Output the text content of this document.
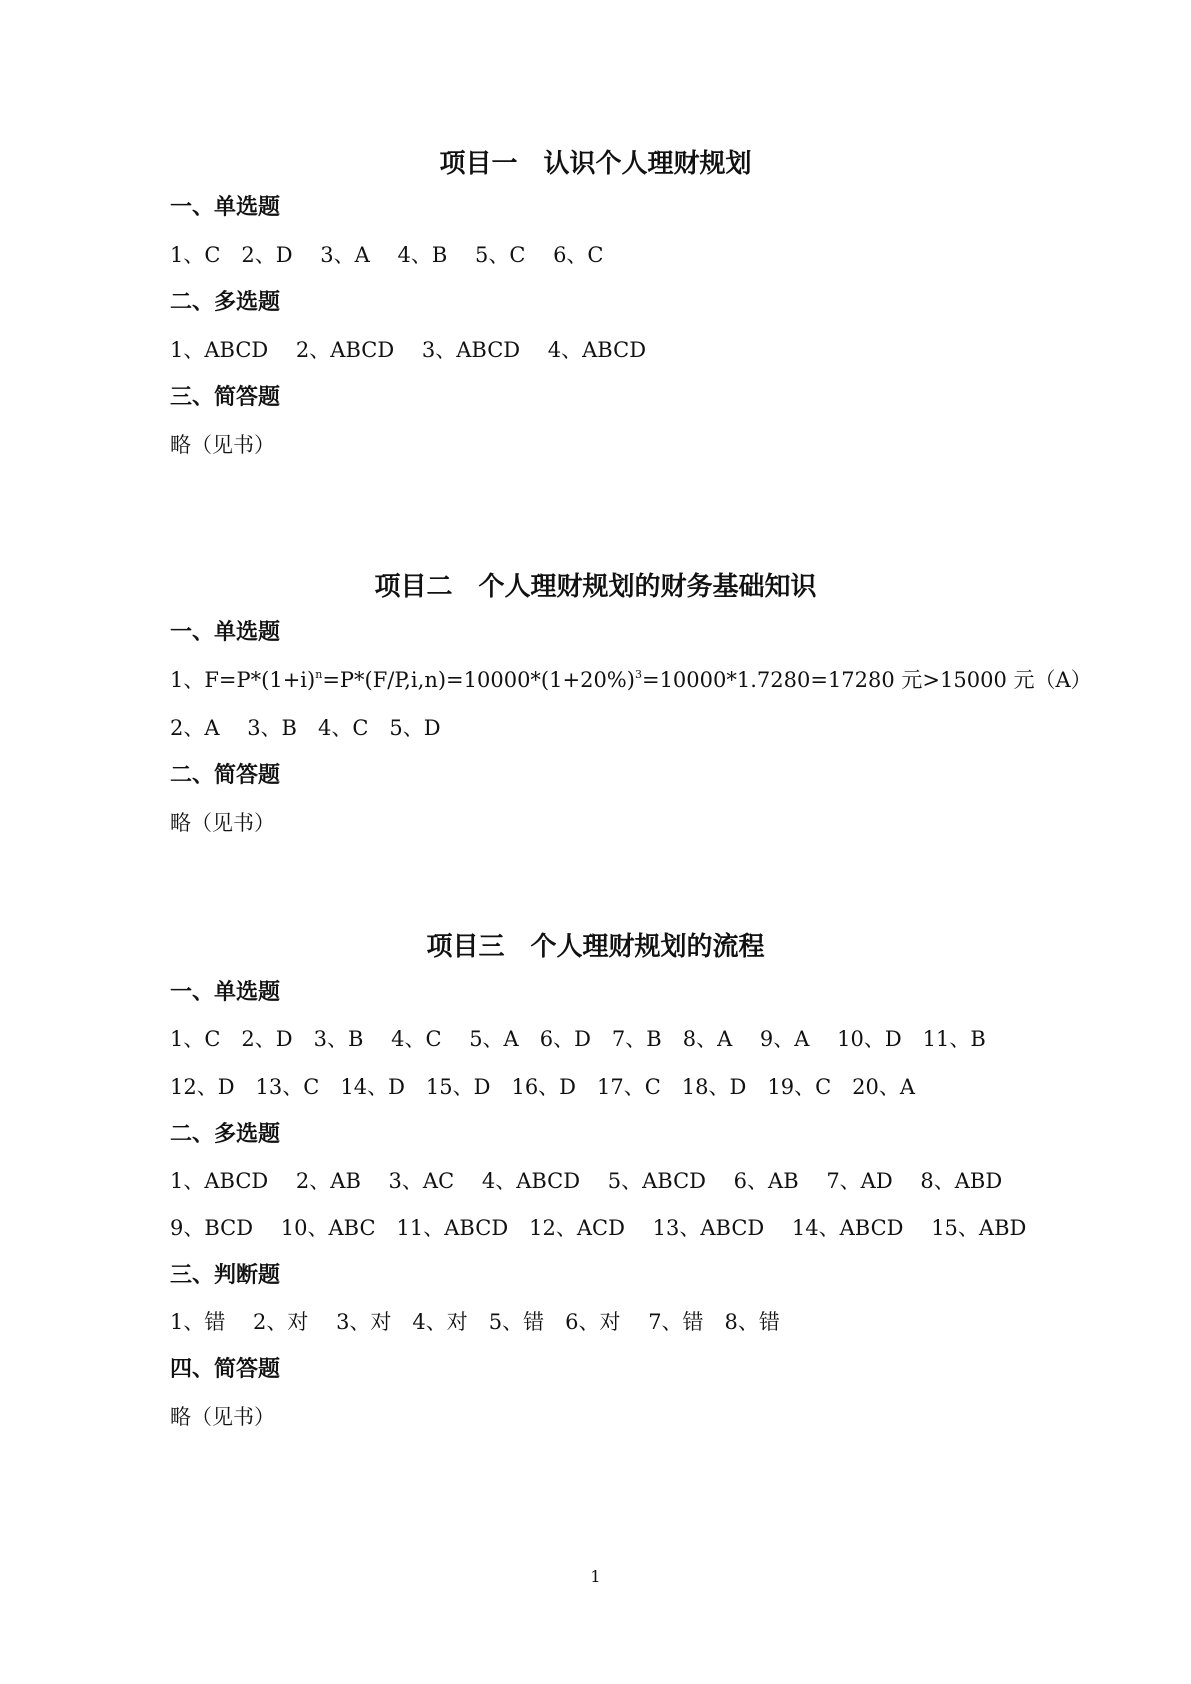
项目一　认识个人理财规划
一、单选题

1、C　2、D　 3、A　 4、B　 5、C　 6、C

二、多选题

1、ABCD　 2、ABCD　 3、ABCD　 4、ABCD

三、简答题

略（见书）

项目二　个人理财规划的财务基础知识
一、单选题

1、$F=P*(1+i)^n=P*(F/P,i,n)=10000*(1+20\%)^3=10000*1.7280=17280$ 元>15000 元（A）

2、A　 3、B　4、C　5、D

二、简答题

略（见书）

项目三　个人理财规划的流程
一、单选题

1、C　2、D　3、B　 4、C　 5、A　6、D　7、B　8、A　 9、A　 10、D　11、B

12、D　13、C　14、D　15、D　16、D　17、C　18、D　19、C　20、A

二、多选题

1、ABCD　 2、AB　 3、AC　 4、ABCD　 5、ABCD　 6、AB　 7、AD　 8、ABD

9、BCD　 10、ABC　11、ABCD　12、ACD　 13、ABCD　 14、ABCD　 15、ABD

三、判断题

1、错　 2、对　 3、对　4、对　5、错　6、对　 7、错　8、错

四、简答题

略（见书）

1
